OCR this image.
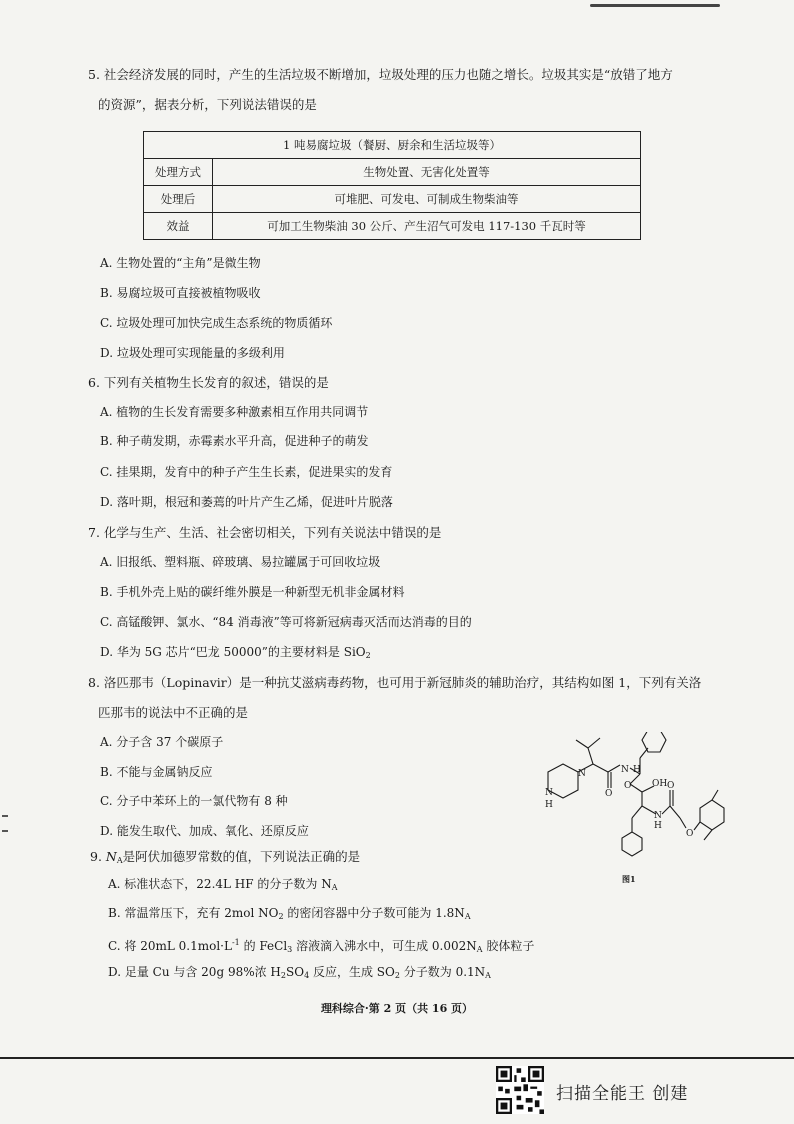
5. 社会经济发展的同时，产生的生活垃圾不断增加，垃圾处理的压力也随之增长。垃圾其实是“放错了地方
的资源”，据表分析，下列说法错误的是
1 吨易腐垃圾（餐厨、厨余和生活垃圾等）	
处理方式	生物处置、无害化处置等
处理后	可堆肥、可发电、可制成生物柴油等
效益	可加工生物柴油 30 公斤、产生沼气可发电 117-130 千瓦时等
A. 生物处置的“主角”是微生物
B. 易腐垃圾可直接被植物吸收
C. 垃圾处理可加快完成生态系统的物质循环
D. 垃圾处理可实现能量的多级利用
6. 下列有关植物生长发育的叙述，错误的是
A. 植物的生长发育需要多种激素相互作用共同调节
B. 种子萌发期，赤霉素水平升高，促进种子的萌发
C. 挂果期，发育中的种子产生生长素，促进果实的发育
D. 落叶期，根冠和萎蔫的叶片产生乙烯，促进叶片脱落
7. 化学与生产、生活、社会密切相关，下列有关说法中错误的是
A. 旧报纸、塑料瓶、碎玻璃、易拉罐属于可回收垃圾
B. 手机外壳上贴的碳纤维外膜是一种新型无机非金属材料
C. 高锰酸钾、氯水、“84 消毒液”等可将新冠病毒灭活而达消毒的目的
D. 华为 5G 芯片“巴龙 50000”的主要材料是 SiO$_2$
8. 洛匹那韦（Lopinavir）是一种抗艾滋病毒药物，也可用于新冠肺炎的辅助治疗，其结构如图 1，下列有关洛
匹那韦的说法中不正确的是
A. 分子含 37 个碳原子
B. 不能与金属钠反应
C. 分子中苯环上的一氯代物有 8 种
D. 能发生取代、加成、氧化、还原反应
N
N
H
N H
O
O OH
N
H
O
O
图1
9. $N_A$是阿伏加德罗常数的值，下列说法正确的是
A. 标准状态下，22.4L HF 的分子数为 $N_A$
B. 常温常压下，充有 2mol $NO_2$ 的密闭容器中分子数可能为 $1.8N_A$
C. 将 20mL $0.1mol\cdot L^{-1}$ 的 FeCl$_3$ 溶液滴入沸水中，可生成 $0.002N_A$ 胶体粒子
D. 足量 Cu 与含 20g 98%浓 $H_2SO_4$ 反应，生成 $SO_2$ 分子数为 $0.1N_A$
理科综合·第 2 页（共 16 页）
扫描全能王 创建
